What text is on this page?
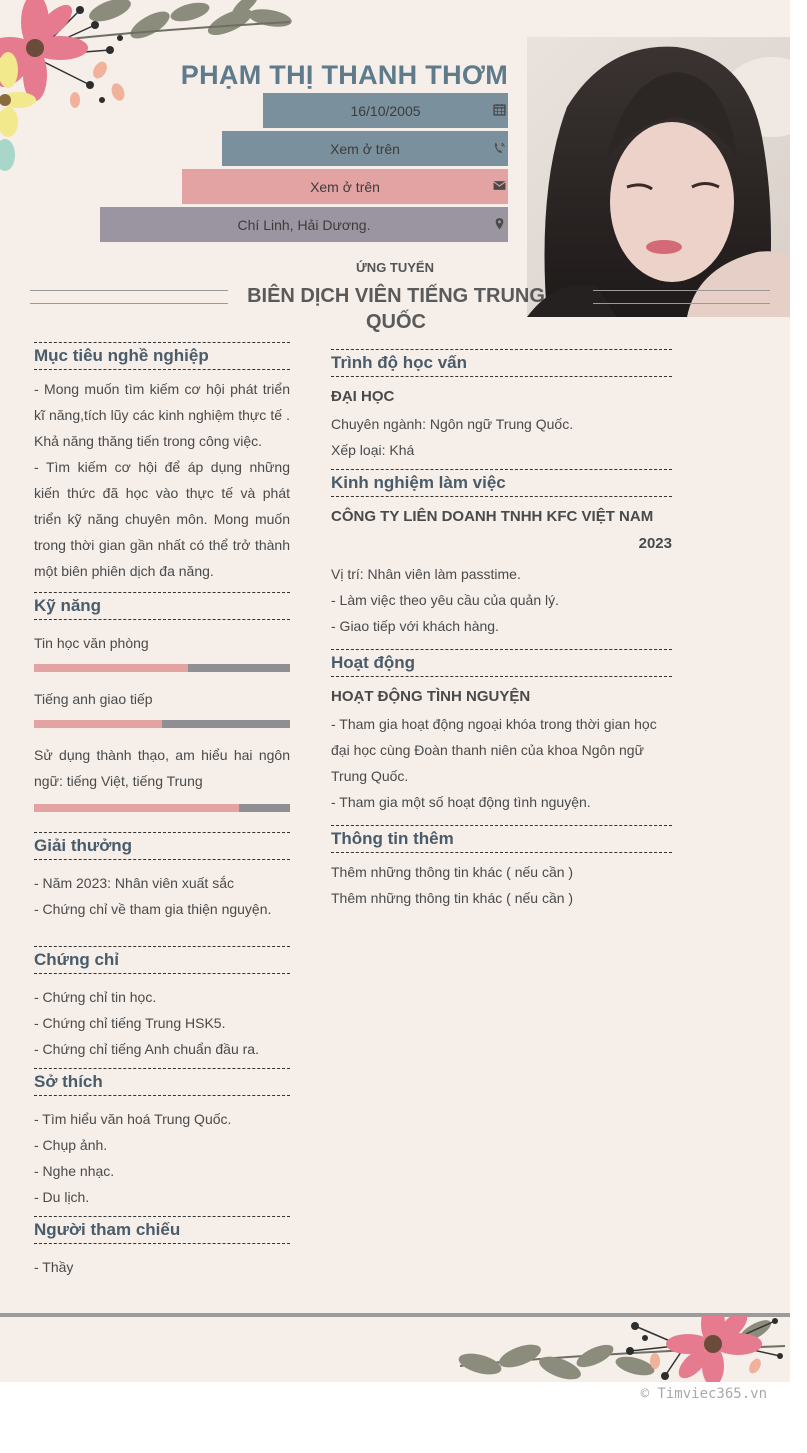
PHẠM THỊ THANH THƠM
16/10/2005
Xem ở trên
Xem ở trên
Chí Linh, Hải Dương.
ỨNG TUYỂN
BIÊN DỊCH VIÊN TIẾNG TRUNG QUỐC
Mục tiêu nghề nghiệp
- Mong muốn tìm kiếm cơ hội phát triển kĩ năng,tích lũy các kinh nghiệm thực tế . Khả năng thăng tiến trong công việc.
- Tìm kiếm cơ hội để áp dụng những kiến thức đã học vào thực tế và phát triển kỹ năng chuyên môn. Mong muốn trong thời gian gần nhất có thể trở thành một biên phiên dịch đa năng.
Kỹ năng
Tin học văn phòng
Tiếng anh giao tiếp
Sử dụng thành thạo, am hiểu hai ngôn ngữ: tiếng Việt, tiếng Trung
Giải thưởng
- Năm 2023: Nhân viên xuất sắc
- Chứng chỉ về tham gia thiện nguyện.
Chứng chỉ
- Chứng chỉ tin học.
- Chứng chỉ tiếng Trung HSK5.
- Chứng chỉ tiếng Anh chuẩn đầu ra.
Sở thích
- Tìm hiểu văn hoá Trung Quốc.
- Chụp ảnh.
- Nghe nhạc.
- Du lịch.
Người tham chiếu
- Thầy
Trình độ học vấn
ĐẠI HỌC
Chuyên ngành: Ngôn ngữ Trung Quốc.
Xếp loại: Khá
Kinh nghiệm làm việc
CÔNG TY LIÊN DOANH TNHH KFC VIỆT NAM
2023
Vị trí: Nhân viên làm passtime.
- Làm việc theo yêu cầu của quản lý.
- Giao tiếp với khách hàng.
Hoạt động
HOẠT ĐỘNG TÌNH NGUYỆN
- Tham gia hoạt động ngoại khóa trong thời gian học đại học cùng Đoàn thanh niên của khoa Ngôn ngữ Trung Quốc.
- Tham gia một số hoạt động tình nguyện.
Thông tin thêm
Thêm những thông tin khác ( nếu cần )
Thêm những thông tin khác ( nếu cần )
© Timviec365.vn
